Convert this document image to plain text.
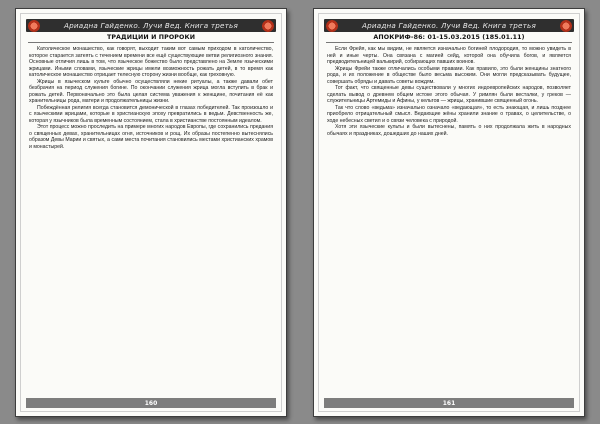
Ариадна Гайденко. Лучи Вед. Книга третья
ТРАДИЦИИ И ПРОРОКИ

Католическое монашество, как говорят, выходит таким вот самым приходом в католичество, которое старается затеять с течением времени все ещё существующие ветви религиозного знания. Основные отличия лишь в том, что языческое божество было представлено на Земле языческими жрицами. Иными словами, языческие жрицы имели возможность рожать детей, в то время как католическое монашество отрицает телесную сторону жизни вообще, как греховную.

Жрицы в языческом культе обычно осуществляли некие ритуалы, а также давали обет безбрачия на период служения богине. По окончании служения жрица могла вступить в брак и рожать детей. Первоначально это была целая система уважения к женщине, почитания её как хранительницы рода, матери и продолжательницы жизни.

Побеждённая религия всегда становится демонической в глазах победителей. Так произошло и с языческими жрицами, которые в христианскую эпоху превратились в ведьм. Девственность же, которая у язычников была временным состоянием, стала в христианстве постоянным идеалом.

Этот процесс можно проследить на примере многих народов Европы, где сохранились предания о священных девах, хранительницах огня, источников и рощ. Их образы постепенно вытеснялись образом Девы Марии и святых, а сами места почитания становились местами христианских храмов и монастырей.

160
Ариадна Гайденко. Лучи Вед. Книга третья
АПОКРИФ-86: 01-15.03.2015 (185.01.11)

Если Фрейя, как мы видим, не является изначально богиней плодородия, то можно увидеть в ней и иные черты. Она связана с магией сейд, которой она обучила богов, и является предводительницей валькирий, собирающих павших воинов.

Жрицы Фрейи также отличались особыми правами. Как правило, это были женщины знатного рода, и их положение в обществе было весьма высоким. Они могли предсказывать будущее, совершать обряды и давать советы вождям.

Тот факт, что священные девы существовали у многих индоевропейских народов, позволяет сделать вывод о древнем общем истоке этого обычая. У римлян были весталки, у греков — служительницы Артемиды и Афины, у кельтов — жрицы, хранившие священный огонь.

Так что слово «ведьма» изначально означало «ведающая», то есть знающая, и лишь позднее приобрело отрицательный смысл. Ведающие жёны хранили знание о травах, о целительстве, о ходе небесных светил и о связи человека с природой.

Хотя эти языческие культы и были вытеснены, память о них продолжала жить в народных обычаях и праздниках, дошедших до наших дней.

161
